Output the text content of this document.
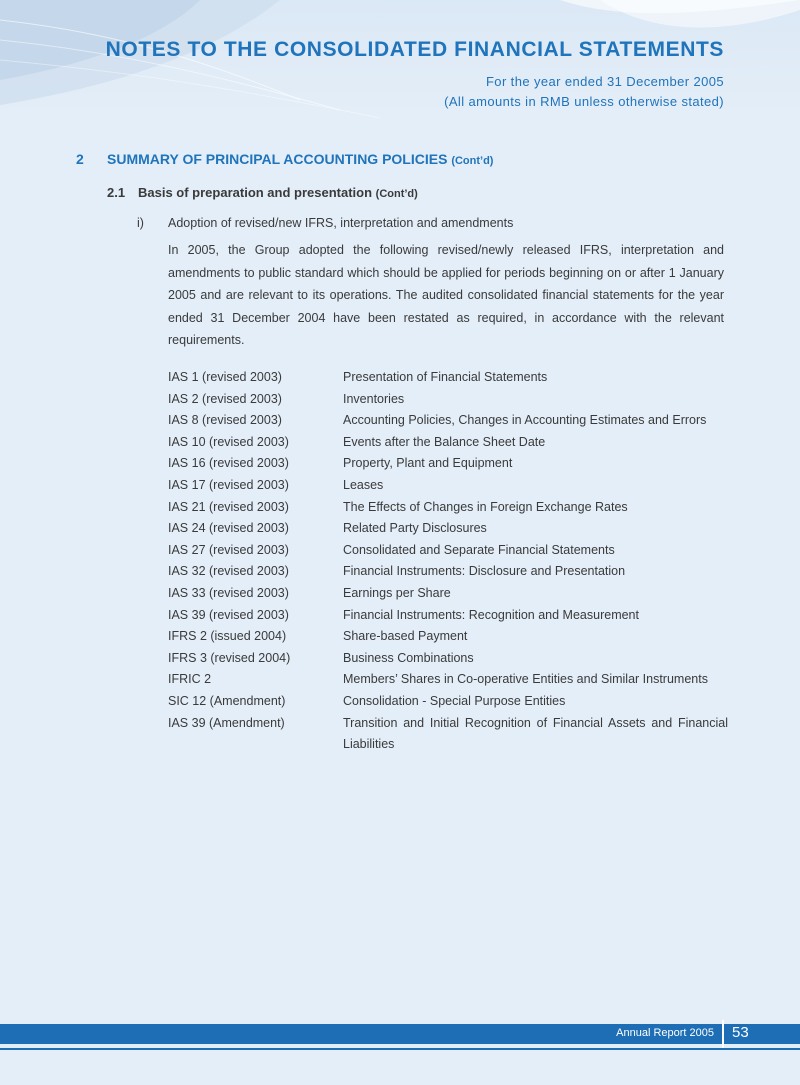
NOTES TO THE CONSOLIDATED FINANCIAL STATEMENTS

For the year ended 31 December 2005

(All amounts in RMB unless otherwise stated)

2 SUMMARY OF PRINCIPAL ACCOUNTING POLICIES (Cont’d)
2.1 Basis of preparation and presentation (Cont’d)
i) Adoption of revised/new IFRS, interpretation and amendments

In 2005, the Group adopted the following revised/newly released IFRS, interpretation and amendments to public standard which should be applied for periods beginning on or after 1 January 2005 and are relevant to its operations. The audited consolidated financial statements for the year ended 31 December 2004 have been restated as required, in accordance with the relevant requirements.

IAS 1 (revised 2003)	Presentation of Financial Statements
IAS 2 (revised 2003)	Inventories
IAS 8 (revised 2003)	Accounting Policies, Changes in Accounting Estimates and Errors
IAS 10 (revised 2003)	Events after the Balance Sheet Date
IAS 16 (revised 2003)	Property, Plant and Equipment
IAS 17 (revised 2003)	Leases
IAS 21 (revised 2003)	The Effects of Changes in Foreign Exchange Rates
IAS 24 (revised 2003)	Related Party Disclosures
IAS 27 (revised 2003)	Consolidated and Separate Financial Statements
IAS 32 (revised 2003)	Financial Instruments: Disclosure and Presentation
IAS 33 (revised 2003)	Earnings per Share
IAS 39 (revised 2003)	Financial Instruments: Recognition and Measurement
IFRS 2 (issued 2004)	Share-based Payment
IFRS 3 (revised 2004)	Business Combinations
IFRIC 2	Members’ Shares in Co-operative Entities and Similar Instruments
SIC 12 (Amendment)	Consolidation - Special Purpose Entities
IAS 39 (Amendment)	Transition and Initial Recognition of Financial Assets and Financial Liabilities
Annual Report 2005 53
